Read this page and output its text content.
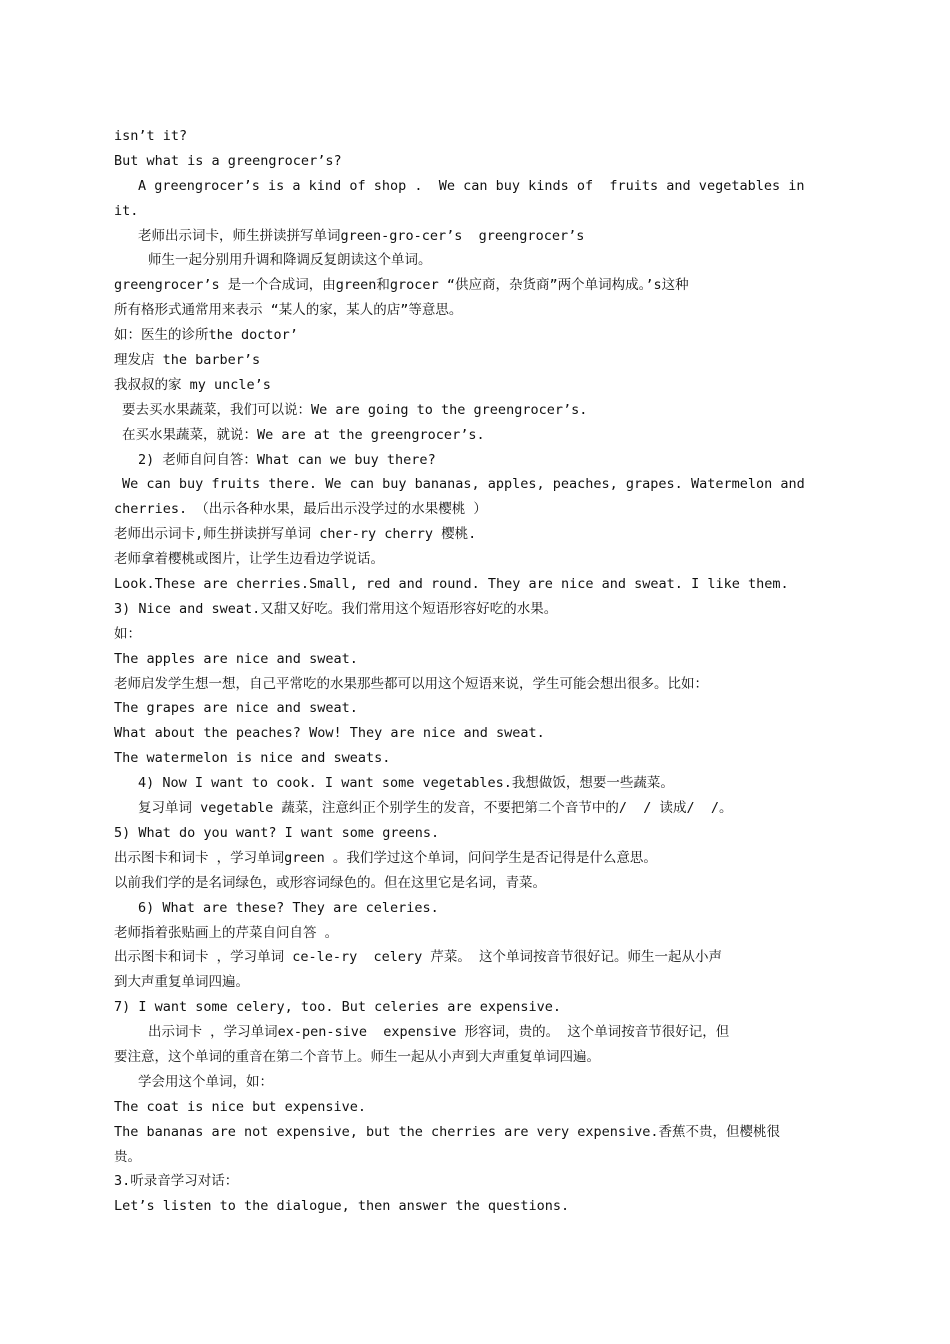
isn’t it?
But what is a greengrocer’s?
A greengrocer’s is a kind of shop .  We can buy kinds of  fruits and vegetables in
it.
老师出示词卡，师生拼读拼写单词green-gro-cer’s  greengrocer’s
师生一起分别用升调和降调反复朗读这个单词。
greengrocer’s 是一个合成词，由green和grocer “供应商，杂货商”两个单词构成。’s这种
所有格形式通常用来表示 “某人的家，某人的店”等意思。
如：医生的诊所the doctor’
理发店 the barber’s
我叔叔的家 my uncle’s
要去买水果蔬菜，我们可以说：We are going to the greengrocer’s.
在买水果蔬菜，就说：We are at the greengrocer’s.
2) 老师自问自答：What can we buy there?
We can buy fruits there. We can buy bananas, apples, peaches, grapes. Watermelon and
cherries. （出示各种水果，最后出示没学过的水果樱桃 ）
老师出示词卡,师生拼读拼写单词 cher-ry cherry 樱桃.
老师拿着樱桃或图片，让学生边看边学说话。
Look.These are cherries.Small, red and round. They are nice and sweat. I like them.
3) Nice and sweat.又甜又好吃。我们常用这个短语形容好吃的水果。
如：
The apples are nice and sweat.
老师启发学生想一想，自己平常吃的水果那些都可以用这个短语来说，学生可能会想出很多。比如：
The grapes are nice and sweat.
What about the peaches? Wow! They are nice and sweat.
The watermelon is nice and sweats.
4) Now I want to cook. I want some vegetables.我想做饭，想要一些蔬菜。
复习单词 vegetable 蔬菜，注意纠正个别学生的发音，不要把第二个音节中的/  / 读成/  /。
5) What do you want? I want some greens.
出示图卡和词卡 ，学习单词green 。我们学过这个单词，问问学生是否记得是什么意思。
以前我们学的是名词绿色，或形容词绿色的。但在这里它是名词，青菜。
6) What are these? They are celeries.
老师指着张贴画上的芹菜自问自答 。
出示图卡和词卡 ，学习单词 ce-le-ry  celery 芹菜。 这个单词按音节很好记。师生一起从小声
到大声重复单词四遍。
7) I want some celery, too. But celeries are expensive.
出示词卡 ，学习单词ex-pen-sive  expensive 形容词，贵的。 这个单词按音节很好记，但
要注意，这个单词的重音在第二个音节上。师生一起从小声到大声重复单词四遍。
学会用这个单词，如：
The coat is nice but expensive.
The bananas are not expensive, but the cherries are very expensive.香蕉不贵，但樱桃很
贵。
3.听录音学习对话：
Let’s listen to the dialogue, then answer the questions.
